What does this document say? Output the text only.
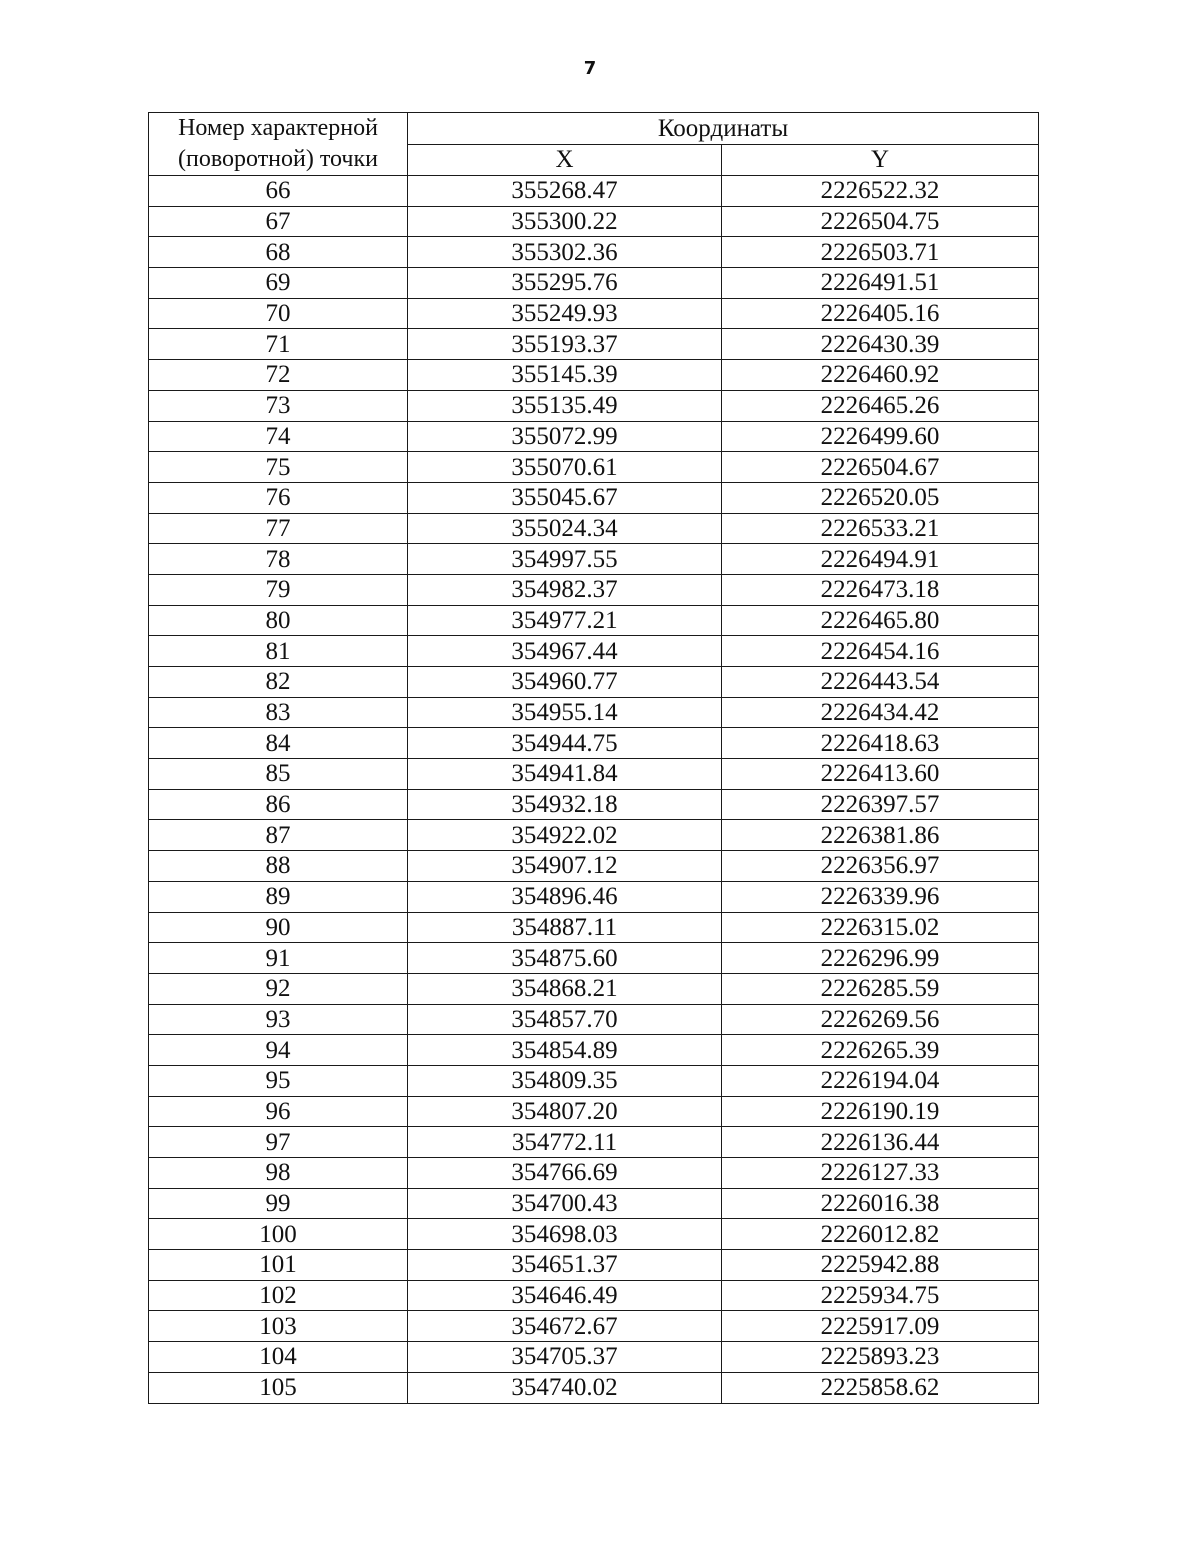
7
Номер характерной (поворотной) точки	Координаты	
	X	Y
66	355268.47	2226522.32
67	355300.22	2226504.75
68	355302.36	2226503.71
69	355295.76	2226491.51
70	355249.93	2226405.16
71	355193.37	2226430.39
72	355145.39	2226460.92
73	355135.49	2226465.26
74	355072.99	2226499.60
75	355070.61	2226504.67
76	355045.67	2226520.05
77	355024.34	2226533.21
78	354997.55	2226494.91
79	354982.37	2226473.18
80	354977.21	2226465.80
81	354967.44	2226454.16
82	354960.77	2226443.54
83	354955.14	2226434.42
84	354944.75	2226418.63
85	354941.84	2226413.60
86	354932.18	2226397.57
87	354922.02	2226381.86
88	354907.12	2226356.97
89	354896.46	2226339.96
90	354887.11	2226315.02
91	354875.60	2226296.99
92	354868.21	2226285.59
93	354857.70	2226269.56
94	354854.89	2226265.39
95	354809.35	2226194.04
96	354807.20	2226190.19
97	354772.11	2226136.44
98	354766.69	2226127.33
99	354700.43	2226016.38
100	354698.03	2226012.82
101	354651.37	2225942.88
102	354646.49	2225934.75
103	354672.67	2225917.09
104	354705.37	2225893.23
105	354740.02	2225858.62
